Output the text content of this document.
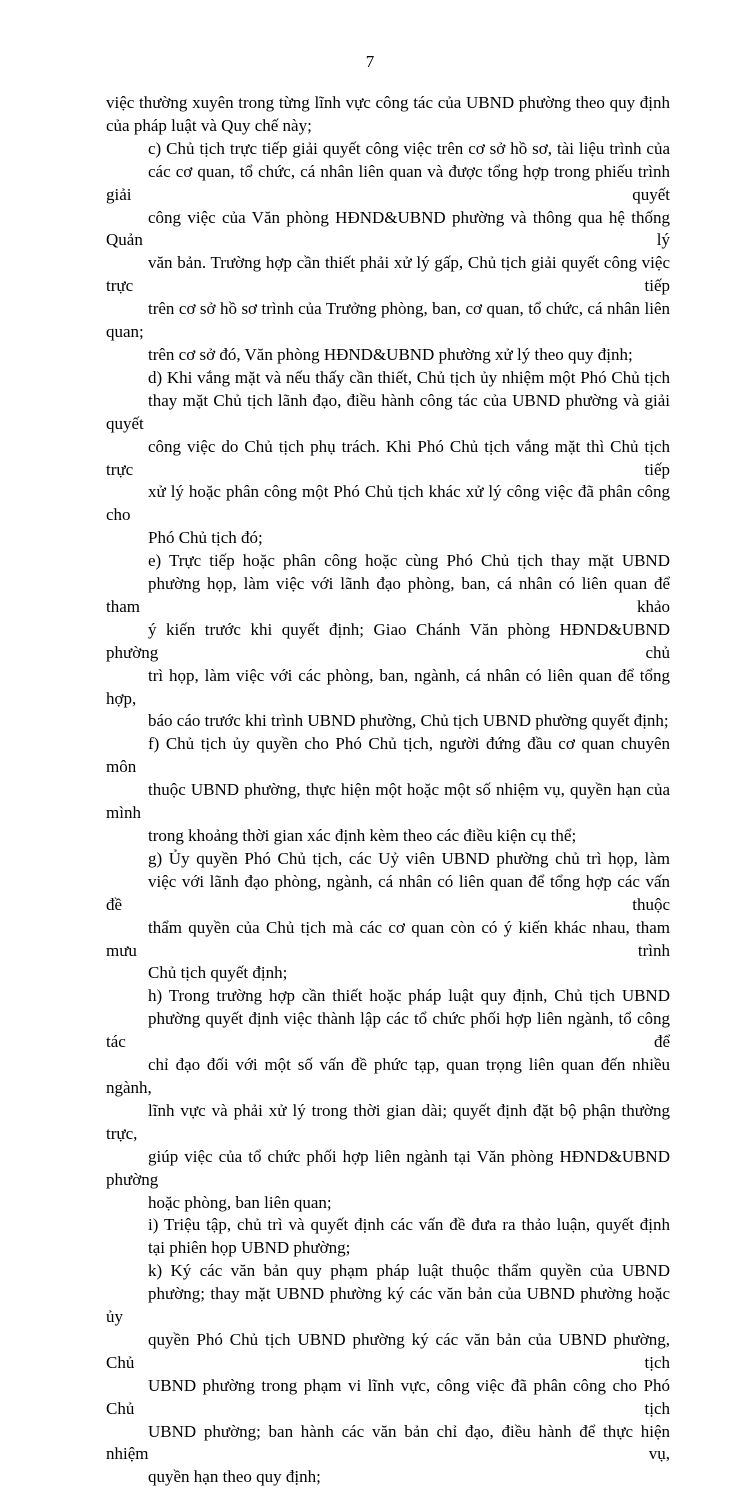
7

việc thường xuyên trong từng lĩnh vực công tác của UBND phường theo quy định
của pháp luật và Quy chế này;

c) Chủ tịch trực tiếp giải quyết công việc trên cơ sở hồ sơ, tài liệu trình của
các cơ quan, tổ chức, cá nhân liên quan và được tổng hợp trong phiếu trình giải quyết
công việc của Văn phòng HĐND&UBND phường và thông qua hệ thống Quản lý
văn bản. Trường hợp cần thiết phải xử lý gấp, Chủ tịch giải quyết công việc trực tiếp
trên cơ sở hồ sơ trình của Trưởng phòng, ban, cơ quan, tổ chức, cá nhân liên quan;
trên cơ sở đó, Văn phòng HĐND&UBND phường xử lý theo quy định;

d) Khi vắng mặt và nếu thấy cần thiết, Chủ tịch ủy nhiệm một Phó Chủ tịch
thay mặt Chủ tịch lãnh đạo, điều hành công tác của UBND phường và giải quyết
công việc do Chủ tịch phụ trách. Khi Phó Chủ tịch vắng mặt thì Chủ tịch trực tiếp
xử lý hoặc phân công một Phó Chủ tịch khác xử lý công việc đã phân công cho
Phó Chủ tịch đó;

e) Trực tiếp hoặc phân công hoặc cùng Phó Chủ tịch thay mặt UBND
phường họp, làm việc với lãnh đạo phòng, ban, cá nhân có liên quan để tham khảo
ý kiến trước khi quyết định; Giao Chánh Văn phòng HĐND&UBND phường chủ
trì họp, làm việc với các phòng, ban, ngành, cá nhân có liên quan để tổng hợp,
báo cáo trước khi trình UBND phường, Chủ tịch UBND phường quyết định;

f) Chủ tịch ủy quyền cho Phó Chủ tịch, người đứng đầu cơ quan chuyên môn
thuộc UBND phường, thực hiện một hoặc một số nhiệm vụ, quyền hạn của mình
trong khoảng thời gian xác định kèm theo các điều kiện cụ thể;

g) Ủy quyền Phó Chủ tịch, các Uỷ viên UBND phường chủ trì họp, làm
việc với lãnh đạo phòng, ngành, cá nhân có liên quan để tổng hợp các vấn đề thuộc
thẩm quyền của Chủ tịch mà các cơ quan còn có ý kiến khác nhau, tham mưu trình
Chủ tịch quyết định;

h) Trong trường hợp cần thiết hoặc pháp luật quy định, Chủ tịch UBND
phường quyết định việc thành lập các tổ chức phối hợp liên ngành, tổ công tác để
chỉ đạo đối với một số vấn đề phức tạp, quan trọng liên quan đến nhiều ngành,
lĩnh vực và phải xử lý trong thời gian dài; quyết định đặt bộ phận thường trực,
giúp việc của tổ chức phối hợp liên ngành tại Văn phòng HĐND&UBND phường
hoặc phòng, ban liên quan;

i) Triệu tập, chủ trì và quyết định các vấn đề đưa ra thảo luận, quyết định
tại phiên họp UBND phường;

k) Ký các văn bản quy phạm pháp luật thuộc thẩm quyền của UBND
phường; thay mặt UBND phường ký các văn bản của UBND phường hoặc ủy
quyền Phó Chủ tịch UBND phường ký các văn bản của UBND phường, Chủ tịch
UBND phường trong phạm vi lĩnh vực, công việc đã phân công cho Phó Chủ tịch
UBND phường; ban hành các văn bản chỉ đạo, điều hành để thực hiện nhiệm vụ,
quyền hạn theo quy định;
